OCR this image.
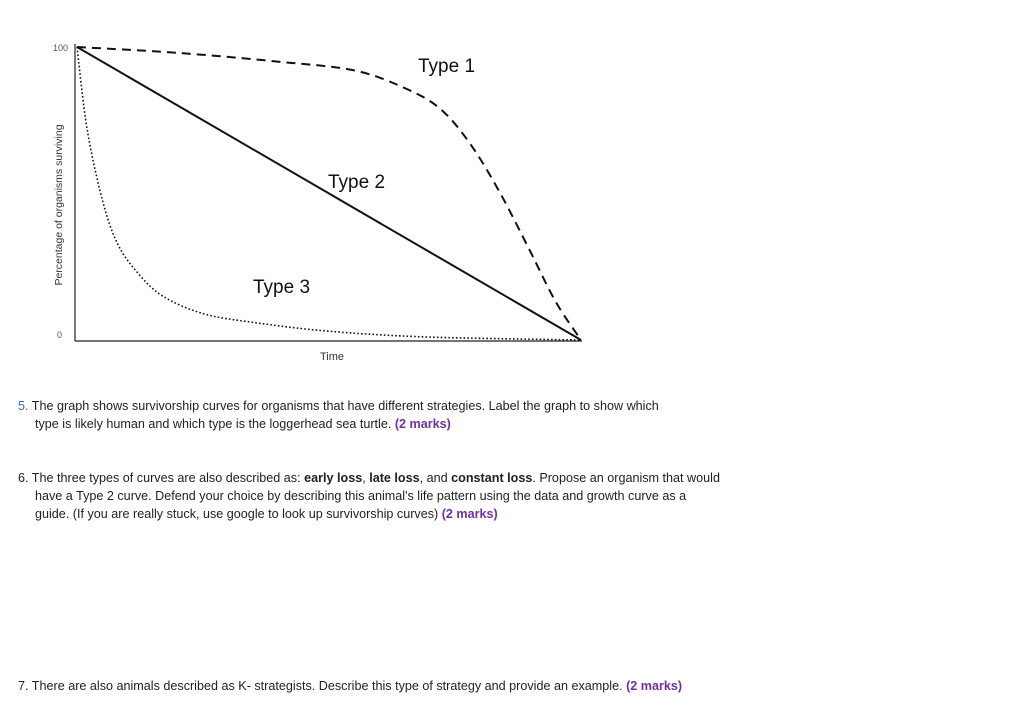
100
0
Percentage of organisms surviving
Time
Type 1
Type 2
Type 3
5. The graph shows survivorship curves for organisms that have different strategies. Label the graph to show which
type is likely human and which type is the loggerhead sea turtle. (2 marks)
6. The three types of curves are also described as: early loss, late loss, and constant loss. Propose an organism that would
have a Type 2 curve. Defend your choice by describing this animal's life pattern using the data and growth curve as a
guide. (If you are really stuck, use google to look up survivorship curves) (2 marks)
7. There are also animals described as K- strategists. Describe this type of strategy and provide an example. (2 marks)
